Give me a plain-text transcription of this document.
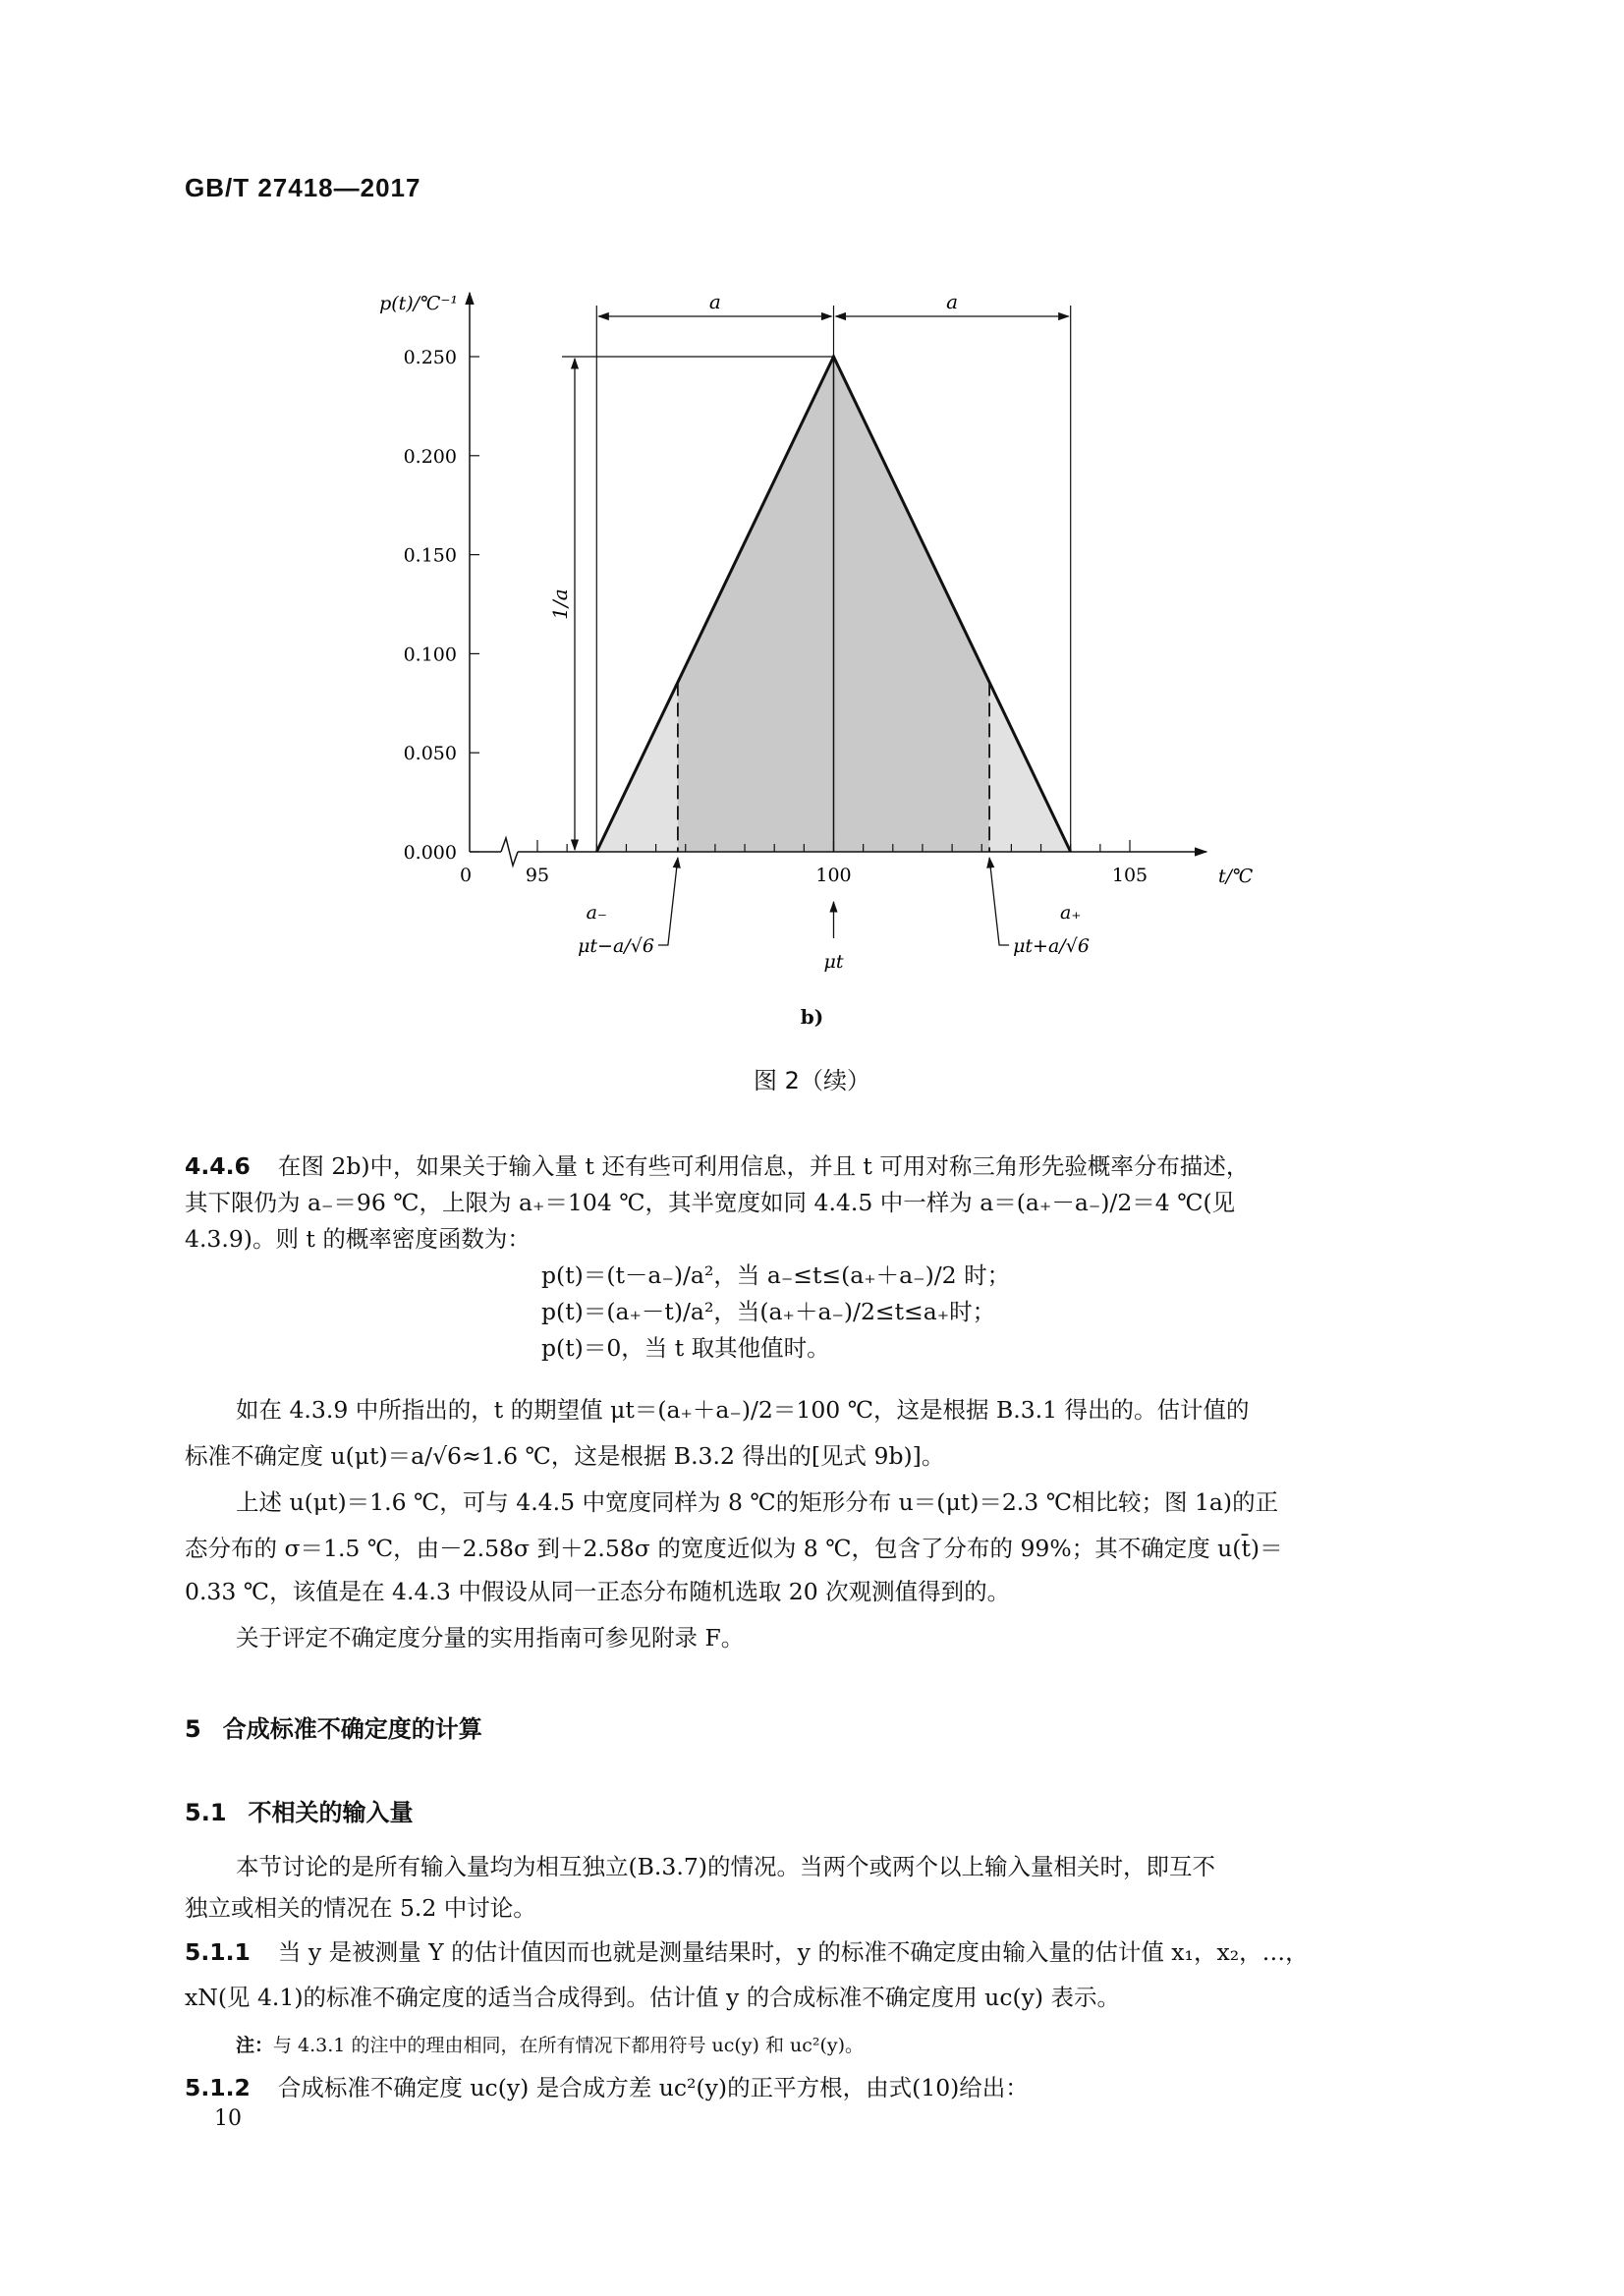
GB/T 27418—2017
0.250
0.200
0.150
0.100
0.050
0.000
0	95	100	105
p(t)/℃⁻¹
t/℃
a	a
1/a
a₋	a₊
μt−a/√6	μt+a/√6
μt
b)
图 2（续）
4.4.6 在图 2b)中，如果关于输入量 t 还有些可利用信息，并且 t 可用对称三角形先验概率分布描述，
其下限仍为 a₋＝96 ℃，上限为 a₊＝104 ℃，其半宽度如同 4.4.5 中一样为 a＝(a₊－a₋)/2＝4 ℃(见
4.3.9)。则 t 的概率密度函数为：
p(t)＝(t－a₋)/a²，当 a₋≤t≤(a₊＋a₋)/2 时；
p(t)＝(a₊－t)/a²，当(a₊＋a₋)/2≤t≤a₊时；
p(t)＝0，当 t 取其他值时。
如在 4.3.9 中所指出的，t 的期望值 μt＝(a₊＋a₋)/2＝100 ℃，这是根据 B.3.1 得出的。估计值的
标准不确定度 u(μt)＝a/√6≈1.6 ℃，这是根据 B.3.2 得出的[见式 9b)]。
上述 u(μt)＝1.6 ℃，可与 4.4.5 中宽度同样为 8 ℃的矩形分布 u＝(μt)＝2.3 ℃相比较；图 1a)的正
态分布的 σ＝1.5 ℃，由－2.58σ 到＋2.58σ 的宽度近似为 8 ℃，包含了分布的 99%；其不确定度 u(t̄)＝
0.33 ℃，该值是在 4.4.3 中假设从同一正态分布随机选取 20 次观测值得到的。
关于评定不确定度分量的实用指南可参见附录 F。
5 合成标准不确定度的计算
5.1 不相关的输入量
本节讨论的是所有输入量均为相互独立(B.3.7)的情况。当两个或两个以上输入量相关时，即互不
独立或相关的情况在 5.2 中讨论。
5.1.1 当 y 是被测量 Y 的估计值因而也就是测量结果时，y 的标准不确定度由输入量的估计值 x₁，x₂，…，
xN(见 4.1)的标准不确定度的适当合成得到。估计值 y 的合成标准不确定度用 uc(y) 表示。
注：与 4.3.1 的注中的理由相同，在所有情况下都用符号 uc(y) 和 uc²(y)。
5.1.2 合成标准不确定度 uc(y) 是合成方差 uc²(y)的正平方根，由式(10)给出：
10
